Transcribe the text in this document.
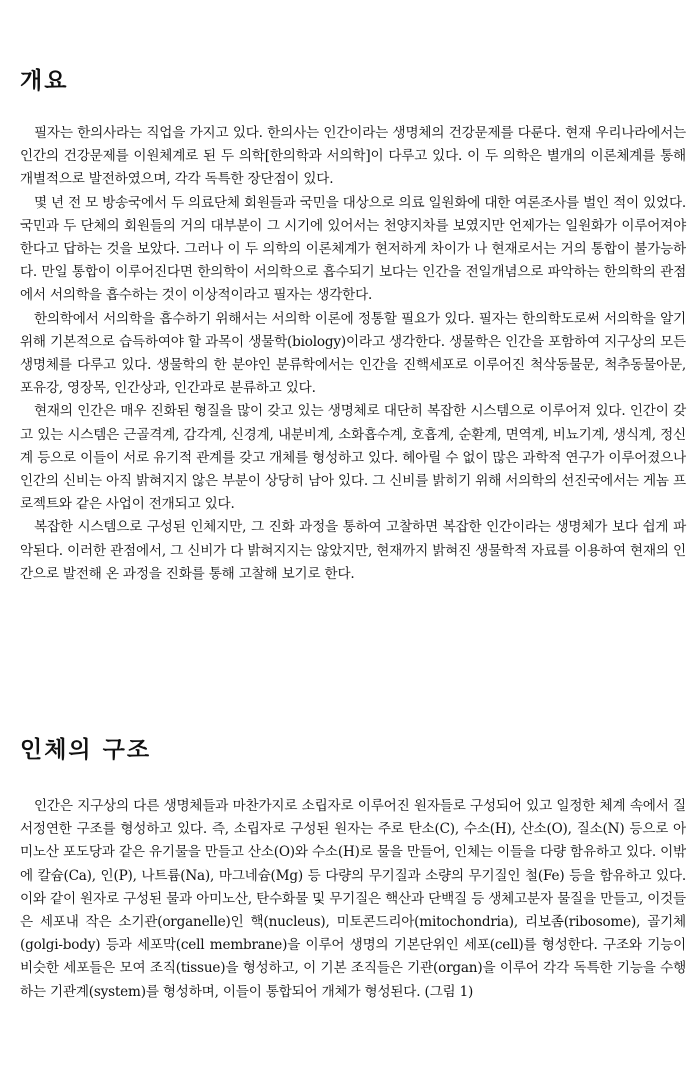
개요

필자는 한의사라는 직업을 가지고 있다. 한의사는 인간이라는 생명체의 건강문제를 다룬다. 현재 우리나라에서는 인간의 건강문제를 이원체계로 된 두 의학[한의학과 서의학]이 다루고 있다. 이 두 의학은 별개의 이론체계를 통해 개별적으로 발전하였으며, 각각 독특한 장단점이 있다.

몇 년 전 모 방송국에서 두 의료단체 회원들과 국민을 대상으로 의료 일원화에 대한 여론조사를 벌인 적이 있었다. 국민과 두 단체의 회원들의 거의 대부분이 그 시기에 있어서는 천양지차를 보였지만 언제가는 일원화가 이루어져야 한다고 답하는 것을 보았다. 그러나 이 두 의학의 이론체계가 현저하게 차이가 나 현재로서는 거의 통합이 불가능하다. 만일 통합이 이루어진다면 한의학이 서의학으로 흡수되기 보다는 인간을 전일개념으로 파악하는 한의학의 관점에서 서의학을 흡수하는 것이 이상적이라고 필자는 생각한다.

한의학에서 서의학을 흡수하기 위해서는 서의학 이론에 정통할 필요가 있다. 필자는 한의학도로써 서의학을 알기 위해 기본적으로 습득하여야 할 과목이 생물학(biology)이라고 생각한다. 생물학은 인간을 포함하여 지구상의 모든 생명체를 다루고 있다. 생물학의 한 분야인 분류학에서는 인간을 진핵세포로 이루어진 척삭동물문, 척추동물아문, 포유강, 영장목, 인간상과, 인간과로 분류하고 있다.

현재의 인간은 매우 진화된 형질을 많이 갖고 있는 생명체로 대단히 복잡한 시스템으로 이루어져 있다. 인간이 갖고 있는 시스템은 근골격계, 감각계, 신경계, 내분비계, 소화흡수계, 호흡계, 순환계, 면역계, 비뇨기계, 생식계, 정신계 등으로 이들이 서로 유기적 관계를 갖고 개체를 형성하고 있다. 헤아릴 수 없이 많은 과학적 연구가 이루어졌으나 인간의 신비는 아직 밝혀지지 않은 부분이 상당히 남아 있다. 그 신비를 밝히기 위해 서의학의 선진국에서는 게놈 프로젝트와 같은 사업이 전개되고 있다.

복잡한 시스템으로 구성된 인체지만, 그 진화 과정을 통하여 고찰하면 복잡한 인간이라는 생명체가 보다 쉽게 파악된다. 이러한 관점에서, 그 신비가 다 밝혀지지는 않았지만, 현재까지 밝혀진 생물학적 자료를 이용하여 현재의 인간으로 발전해 온 과정을 진화를 통해 고찰해 보기로 한다.

인체의 구조

인간은 지구상의 다른 생명체들과 마찬가지로 소립자로 이루어진 원자들로 구성되어 있고 일정한 체계 속에서 질서정연한 구조를 형성하고 있다. 즉, 소립자로 구성된 원자는 주로 탄소(C), 수소(H), 산소(O), 질소(N) 등으로 아미노산 포도당과 같은 유기물을 만들고 산소(O)와 수소(H)로 물을 만들어, 인체는 이들을 다량 함유하고 있다. 이밖에 칼슘(Ca), 인(P), 나트륨(Na), 마그네슘(Mg) 등 다량의 무기질과 소량의 무기질인 철(Fe) 등을 함유하고 있다. 이와 같이 원자로 구성된 물과 아미노산, 탄수화물 및 무기질은 핵산과 단백질 등 생체고분자 물질을 만들고, 이것들은 세포내 작은 소기관(organelle)인 핵(nucleus), 미토콘드리아(mitochondria), 리보좀(ribosome), 골기체(golgi-body) 등과 세포막(cell membrane)을 이루어 생명의 기본단위인 세포(cell)를 형성한다. 구조와 기능이 비슷한 세포들은 모여 조직(tissue)을 형성하고, 이 기본 조직들은 기관(organ)을 이루어 각각 독특한 기능을 수행하는 기관계(system)를 형성하며, 이들이 통합되어 개체가 형성된다. (그림 1)
